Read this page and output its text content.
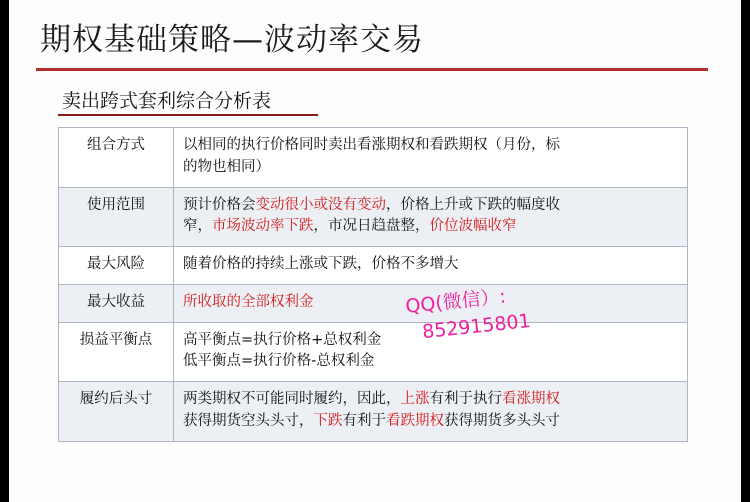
期权基础策略—波动率交易
卖出跨式套利综合分析表
组合方式	以相同的执行价格同时卖出看涨期权和看跌期权（月份，标
的物也相同）

使用范围	预计价格会变动很小或没有变动，价格上升或下跌的幅度收
窄，市场波动率下跌，市况日趋盘整，价位波幅收窄

最大风险	随着价格的持续上涨或下跌，价格不多增大

最大收益	所收取的全部权利金

损益平衡点	高平衡点=执行价格+总权利金
低平衡点=执行价格-总权利金

履约后头寸	两类期权不可能同时履约，因此，上涨有利于执行看涨期权
获得期货空头头寸，下跌有利于看跌期权获得期货多头头寸
QQ(微信）:
852915801
